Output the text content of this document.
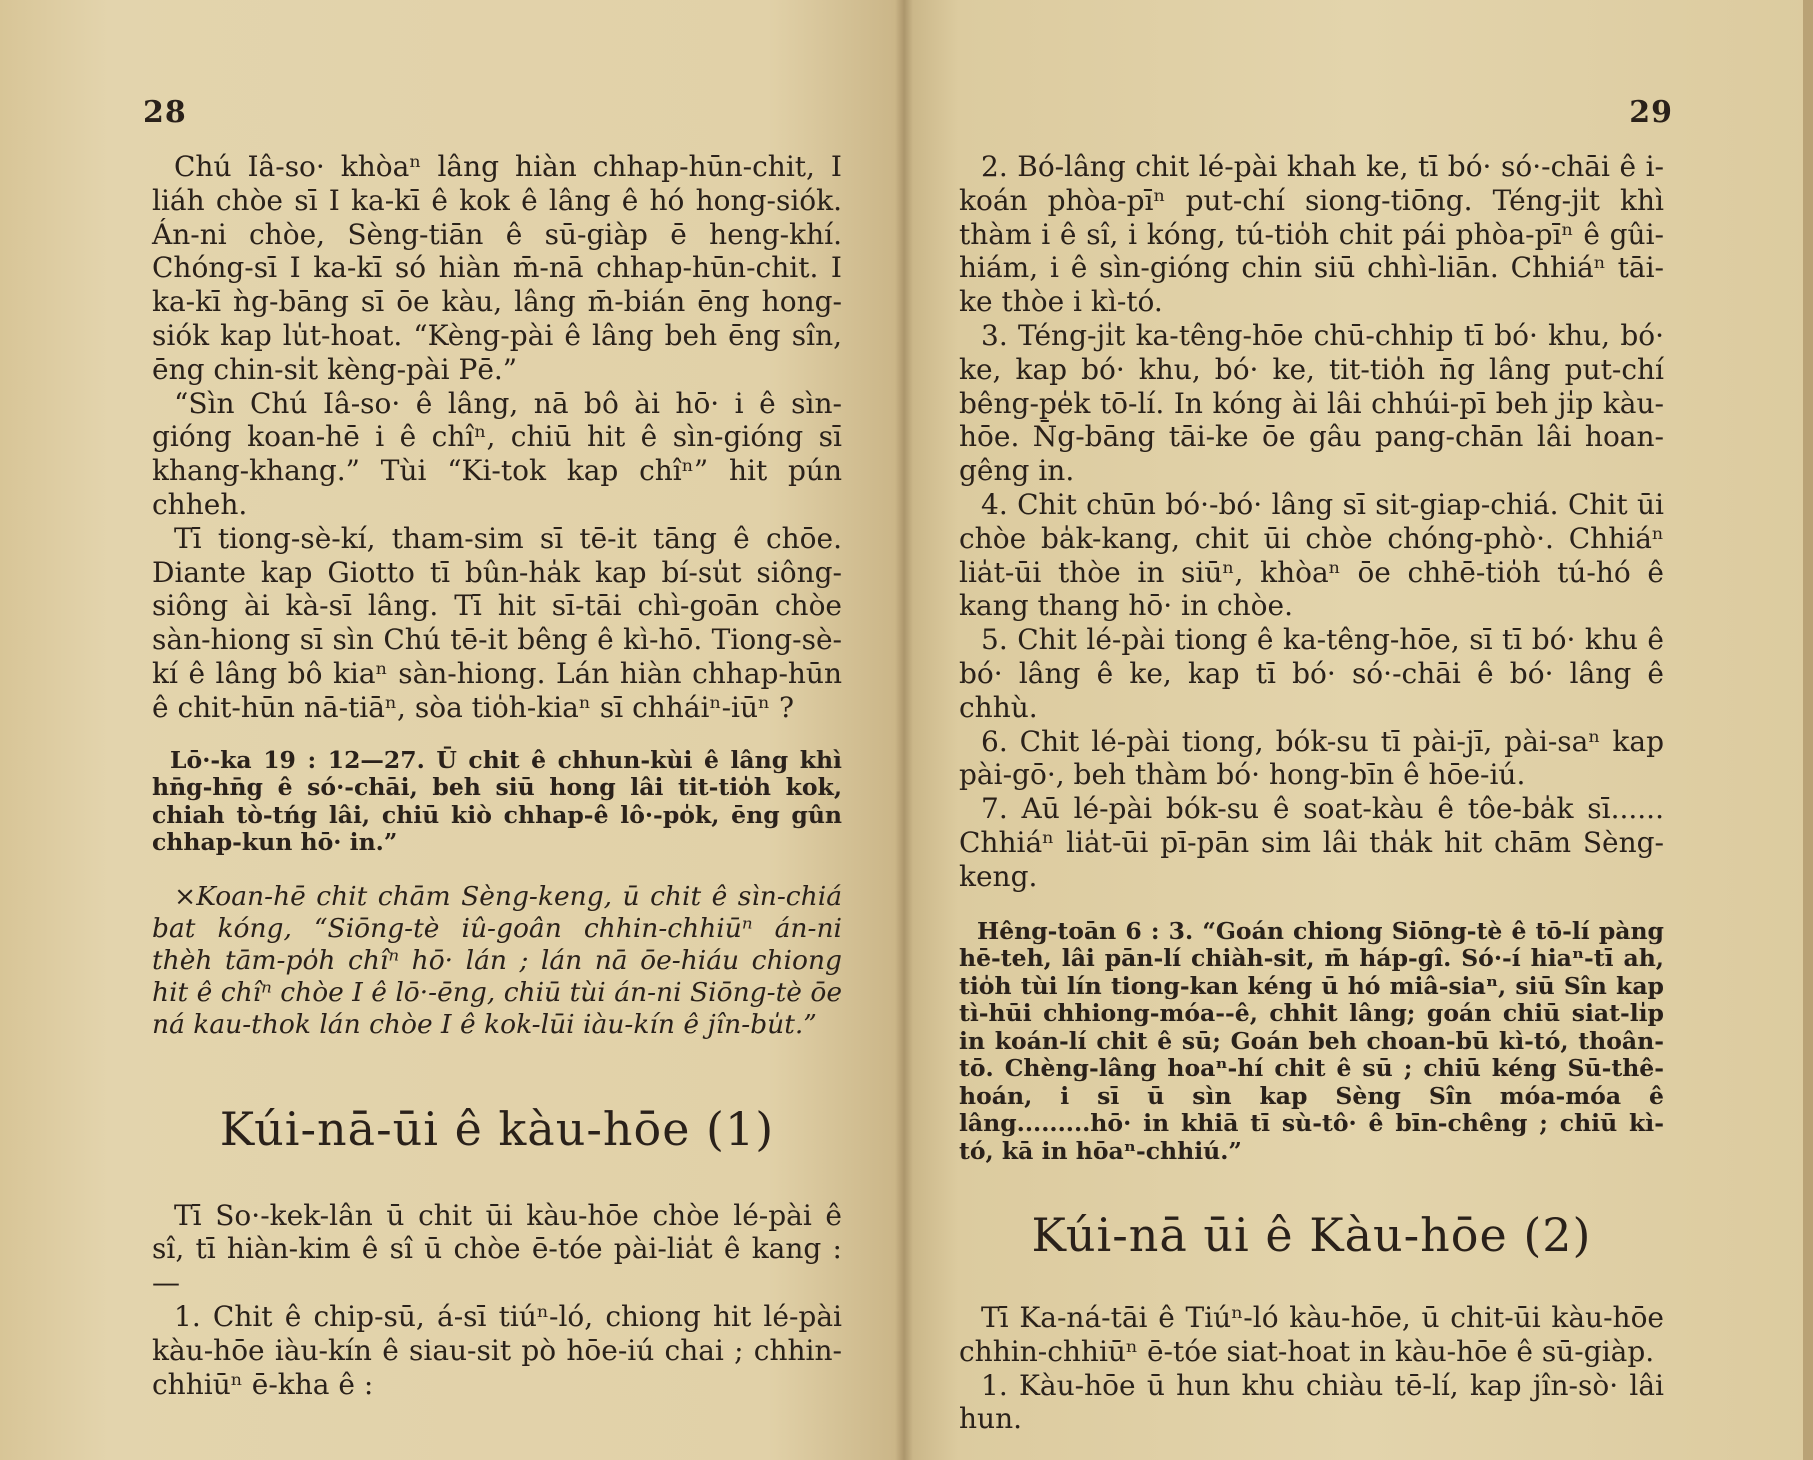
28

Chú Iâ-so· khòaⁿ lâng hiàn chhap-hūn-chit, I liáh chòe sī I ka-kī ê kok ê lâng ê hó hong-siók. Án-ni chòe, Sèng-tiān ê sū-giàp ē heng-khí. Chóng-sī I ka-kī só hiàn m̄-nā chhap-hūn-chit. I ka-kī ǹg-bāng sī ōe kàu, lâng m̄-bián ēng hong-siók kap lu̍t-hoat. “Kèng-pài ê lâng beh ēng sîn, ēng chin-si̍t kèng-pài Pē.”

“Sìn Chú Iâ-so· ê lâng, nā bô ài hō· i ê sìn-gióng koan-hē i ê chîⁿ, chiū hit ê sìn-gióng sī khang-khang.” Tùi “Ki-tok kap chîⁿ” hit pún chheh.

Tī tiong-sè-kí, tham-sim sī tē-it tāng ê chōe. Diante kap Giotto tī bûn-ha̍k kap bí-su̍t siông-siông ài kà-sī lâng. Tī hit sī-tāi chì-goān chòe sàn-hiong sī sìn Chú tē-it bêng ê kì-hō. Tiong-sè-kí ê lâng bô kiaⁿ sàn-hiong. Lán hiàn chhap-hūn ê chit-hūn nā-tiāⁿ, sòa tio̍h-kiaⁿ sī chháiⁿ-iūⁿ ?

Lō·-ka 19 : 12—27. Ū chit ê chhun-kùi ê lâng khì hn̄g-hn̄g ê só·-chāi, beh siū hong lâi tit-tio̍h kok, chiah tò-tńg lâi, chiū kiò chhap-ê lô·-po̍k, ēng gûn chhap-kun hō· in.”

×Koan-hē chit chām Sèng-keng, ū chit ê sìn-chiá bat kóng, “Siōng-tè iû-goân chhin-chhiūⁿ án-ni thèh tām-po̍h chîⁿ hō· lán ; lán nā ōe-hiáu chiong hit ê chîⁿ chòe I ê lō·-ēng, chiū tùi án-ni Siōng-tè ōe ná kau-thok lán chòe I ê kok-lūi iàu-kín ê jîn-bu̍t.”

Kúi-nā-ūi ê kàu-hōe (1)

Tī So·-kek-lân ū chit ūi kàu-hōe chòe lé-pài ê sî, tī hiàn-kim ê sî ū chòe ē-tóe pài-lia̍t ê kang :—

1. Chit ê chip-sū, á-sī tiúⁿ-ló, chiong hit lé-pài kàu-hōe iàu-kín ê siau-sit pò hōe-iú chai ; chhin-chhiūⁿ ē-kha ê :

29

2. Bó-lâng chit lé-pài khah ke, tī bó· só·-chāi ê i-koán phòa-pīⁿ put-chí siong-tiōng. Téng-ji̍t khì thàm i ê sî, i kóng, tú-tio̍h chit pái phòa-pīⁿ ê gûi-hiám, i ê sìn-gióng chin siū chhì-liān. Chhiáⁿ tāi-ke thòe i kì-tó.

3. Téng-ji̍t ka-têng-hōe chū-chhip tī bó· khu, bó· ke, kap bó· khu, bó· ke, tit-tio̍h n̄g lâng put-chí bêng-pe̍k tō-lí. In kóng ài lâi chhúi-pī beh ji̍p kàu-hōe. N̄g-bāng tāi-ke ōe gâu pang-chān lâi hoan-gêng in.

4. Chit chūn bó·-bó· lâng sī sit-giap-chiá. Chit ūi chòe ba̍k-kang, chit ūi chòe chóng-phò·. Chhiáⁿ lia̍t-ūi thòe in siūⁿ, khòaⁿ ōe chhē-tio̍h tú-hó ê kang thang hō· in chòe.

5. Chit lé-pài tiong ê ka-têng-hōe, sī tī bó· khu ê bó· lâng ê ke, kap tī bó· só·-chāi ê bó· lâng ê chhù.

6. Chit lé-pài tiong, bók-su tī pài-jī, pài-saⁿ kap pài-gō·, beh thàm bó· hong-bīn ê hōe-iú.

7. Aū lé-pài bók-su ê soat-kàu ê tôe-ba̍k sī...... Chhiáⁿ lia̍t-ūi pī-pān sim lâi tha̍k hit chām Sèng-keng.

Hêng-toān 6 : 3. “Goán chiong Siōng-tè ê tō-lí pàng hē-teh, lâi pān-lí chiàh-sit, m̄ háp-gî. Só·-í hiaⁿ-tī ah, tio̍h tùi lín tiong-kan kéng ū hó miâ-siaⁿ, siū Sîn kap tì-hūi chhiong-móa--ê, chhit lâng; goán chiū siat-li̍p in koán-lí chit ê sū; Goán beh choan-bū kì-tó, thoân-tō. Chèng-lâng hoaⁿ-hí chit ê sū ; chiū kéng Sū-thê-hoán, i sī ū sìn kap Sèng Sîn móa-móa ê lâng.........hō· in khiā tī sù-tô· ê bīn-chêng ; chiū kì-tó, kā in hōaⁿ-chhiú.”

Kúi-nā ūi ê Kàu-hōe (2)

Tī Ka-ná-tāi ê Tiúⁿ-ló kàu-hōe, ū chit-ūi kàu-hōe chhin-chhiūⁿ ē-tóe siat-hoat in kàu-hōe ê sū-giàp.

1. Kàu-hōe ū hun khu chiàu tē-lí, kap jîn-sò· lâi hun.
